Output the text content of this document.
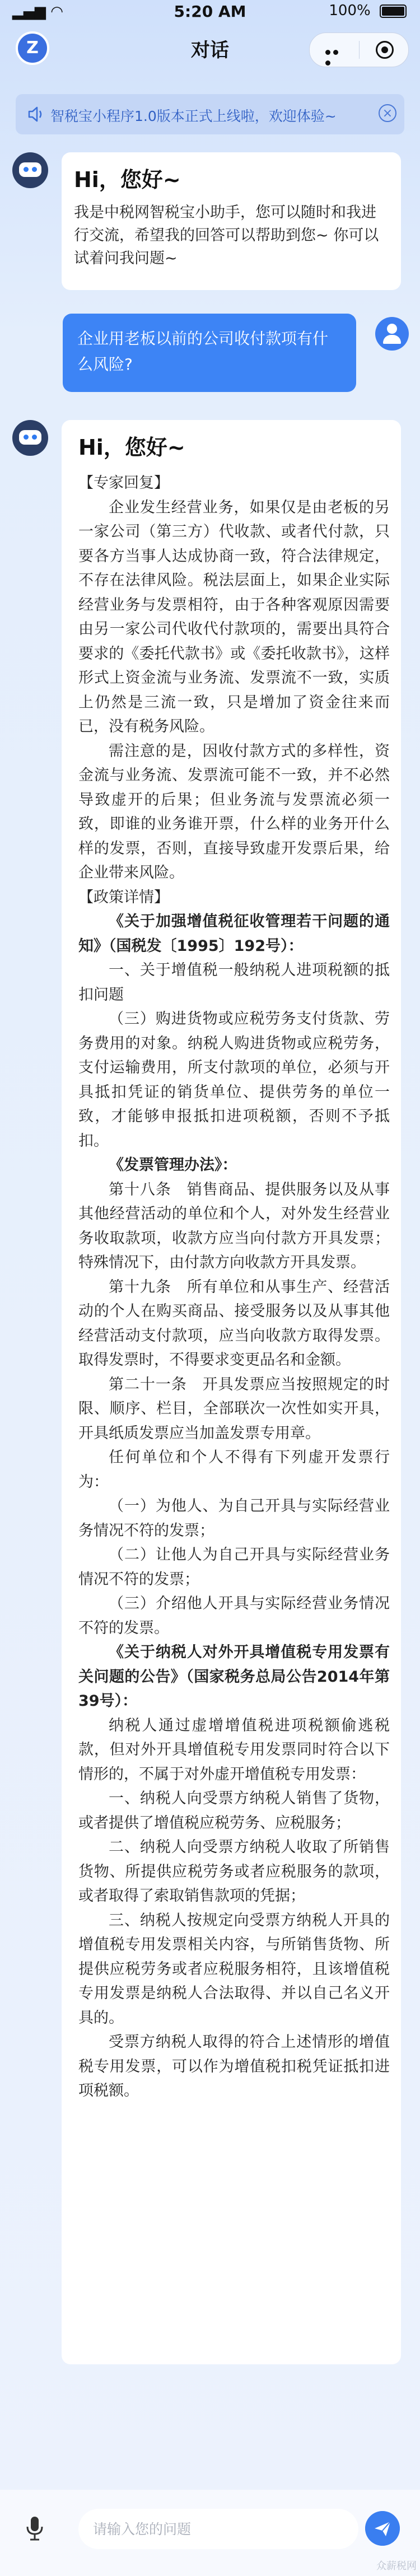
▂▄▆ ◠	5:20 AM	100%
Z	对话
智税宝小程序1.0版本正式上线啦，欢迎体验~	×
Hi，您好~
我是中税网智税宝小助手，您可以随时和我进行交流，希望我的回答可以帮助到您~ 你可以试着问我问题~
企业用老板以前的公司收付款项有什么风险?
Hi，您好~

【专家回复】

企业发生经营业务，如果仅是由老板的另一家公司（第三方）代收款、或者代付款，只要各方当事人达成协商一致，符合法律规定，不存在法律风险。税法层面上，如果企业实际经营业务与发票相符，由于各种客观原因需要由另一家公司代收代付款项的，需要出具符合要求的《委托代款书》或《委托收款书》，这样形式上资金流与业务流、发票流不一致，实质上仍然是三流一致，只是增加了资金往来而已，没有税务风险。

需注意的是，因收付款方式的多样性，资金流与业务流、发票流可能不一致，并不必然导致虚开的后果；但业务流与发票流必须一致，即谁的业务谁开票，什么样的业务开什么样的发票，否则，直接导致虚开发票后果，给企业带来风险。

【政策详情】

《关于加强增值税征收管理若干问题的通知》（国税发〔1995〕192号）：

一、关于增值税一般纳税人进项税额的抵扣问题

（三）购进货物或应税劳务支付货款、劳务费用的对象。纳税人购进货物或应税劳务，支付运输费用，所支付款项的单位，必须与开具抵扣凭证的销货单位、提供劳务的单位一致，才能够申报抵扣进项税额，否则不予抵扣。

《发票管理办法》：

第十八条　销售商品、提供服务以及从事其他经营活动的单位和个人，对外发生经营业务收取款项，收款方应当向付款方开具发票；特殊情况下，由付款方向收款方开具发票。

第十九条　所有单位和从事生产、经营活动的个人在购买商品、接受服务以及从事其他经营活动支付款项，应当向收款方取得发票。取得发票时，不得要求变更品名和金额。

第二十一条　开具发票应当按照规定的时限、顺序、栏目，全部联次一次性如实开具，开具纸质发票应当加盖发票专用章。

任何单位和个人不得有下列虚开发票行为：

（一）为他人、为自己开具与实际经营业务情况不符的发票；

（二）让他人为自己开具与实际经营业务情况不符的发票；

（三）介绍他人开具与实际经营业务情况不符的发票。

《关于纳税人对外开具增值税专用发票有关问题的公告》（国家税务总局公告2014年第39号）：

纳税人通过虚增增值税进项税额偷逃税款，但对外开具增值税专用发票同时符合以下情形的，不属于对外虚开增值税专用发票：

一、纳税人向受票方纳税人销售了货物，或者提供了增值税应税劳务、应税服务；

二、纳税人向受票方纳税人收取了所销售货物、所提供应税劳务或者应税服务的款项，或者取得了索取销售款项的凭据；

三、纳税人按规定向受票方纳税人开具的增值税专用发票相关内容，与所销售货物、所提供应税劳务或者应税服务相符，且该增值税专用发票是纳税人合法取得、并以自己名义开具的。

受票方纳税人取得的符合上述情形的增值税专用发票，可以作为增值税扣税凭证抵扣进项税额。

请输入您的问题
众薪税网
